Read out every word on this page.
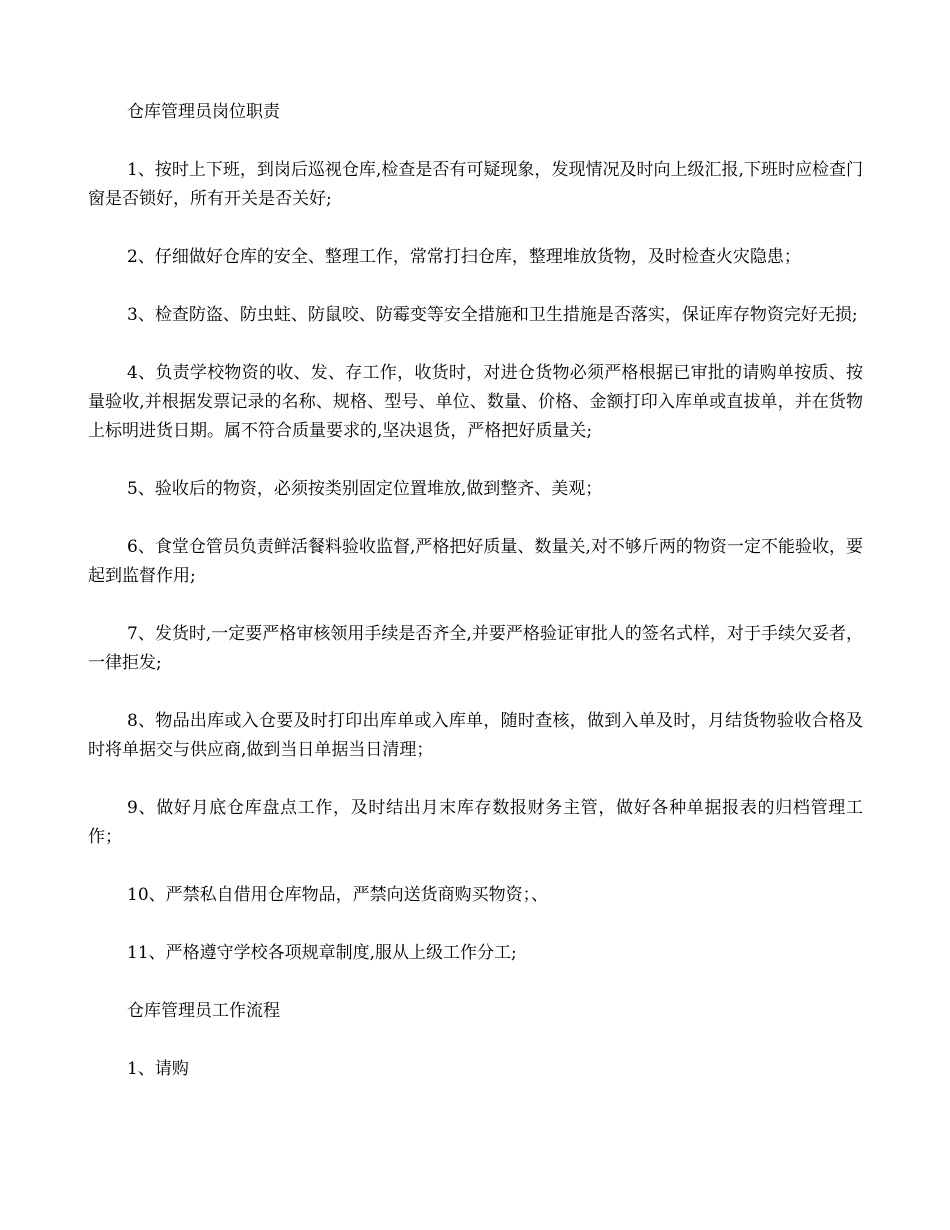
仓库管理员岗位职责

1、按时上下班，到岗后巡视仓库,检查是否有可疑现象，发现情况及时向上级汇报,下班时应检查门窗是否锁好，所有开关是否关好;

2、仔细做好仓库的安全、整理工作，常常打扫仓库，整理堆放货物，及时检查火灾隐患；

3、检查防盗、防虫蛀、防鼠咬、防霉变等安全措施和卫生措施是否落实，保证库存物资完好无损;

4、负责学校物资的收、发、存工作，收货时，对进仓货物必须严格根据已审批的请购单按质、按量验收,并根据发票记录的名称、规格、型号、单位、数量、价格、金额打印入库单或直拔单，并在货物上标明进货日期。属不符合质量要求的,坚决退货，严格把好质量关;

5、验收后的物资，必须按类别固定位置堆放,做到整齐、美观；

6、食堂仓管员负责鲜活餐料验收监督,严格把好质量、数量关,对不够斤两的物资一定不能验收，要起到监督作用;

7、发货时,一定要严格审核领用手续是否齐全,并要严格验证审批人的签名式样，对于手续欠妥者，一律拒发;

8、物品出库或入仓要及时打印出库单或入库单，随时查核，做到入单及时，月结货物验收合格及时将单据交与供应商,做到当日单据当日清理；

9、做好月底仓库盘点工作，及时结出月末库存数报财务主管，做好各种单据报表的归档管理工作；

10、严禁私自借用仓库物品，严禁向送货商购买物资；、

11、严格遵守学校各项规章制度,服从上级工作分工;

仓库管理员工作流程

1、请购
